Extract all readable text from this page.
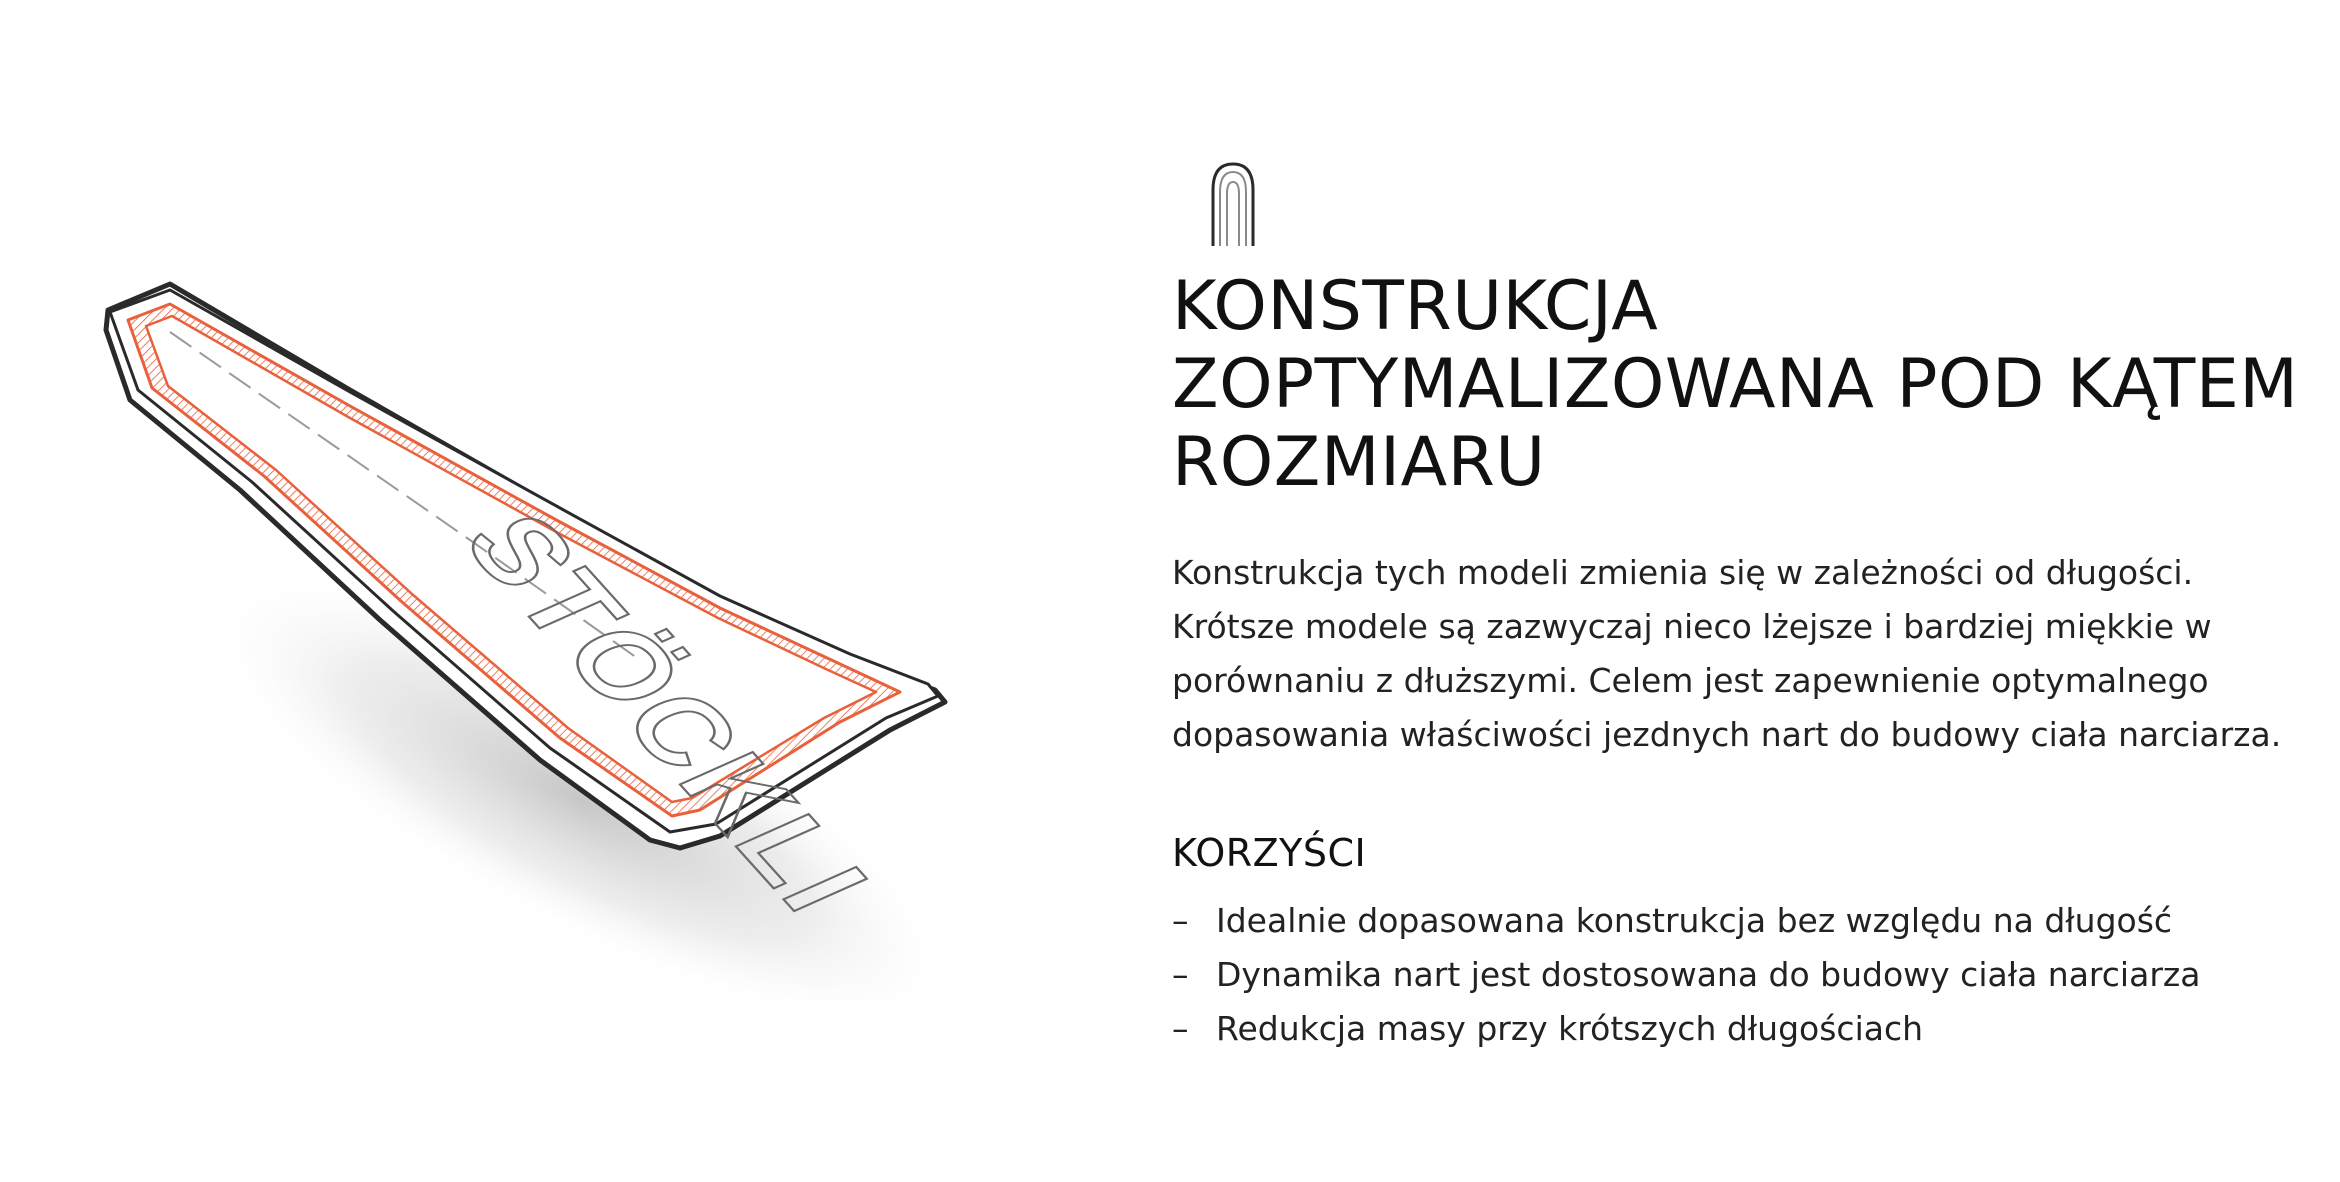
STÖCKLI
KONSTRUKCJA
ZOPTYMALIZOWANA POD KĄTEM
ROZMIARU

Konstrukcja tych modeli zmienia się w zależności od długości. Krótsze modele są zazwyczaj nieco lżejsze i bardziej miękkie w porównaniu z dłuższymi. Celem jest zapewnienie optymalnego dopasowania właściwości jezdnych nart do budowy ciała narciarza.

KORZYŚCI
– Idealnie dopasowana konstrukcja bez względu na długość
– Dynamika nart jest dostosowana do budowy ciała narciarza
– Redukcja masy przy krótszych długościach
